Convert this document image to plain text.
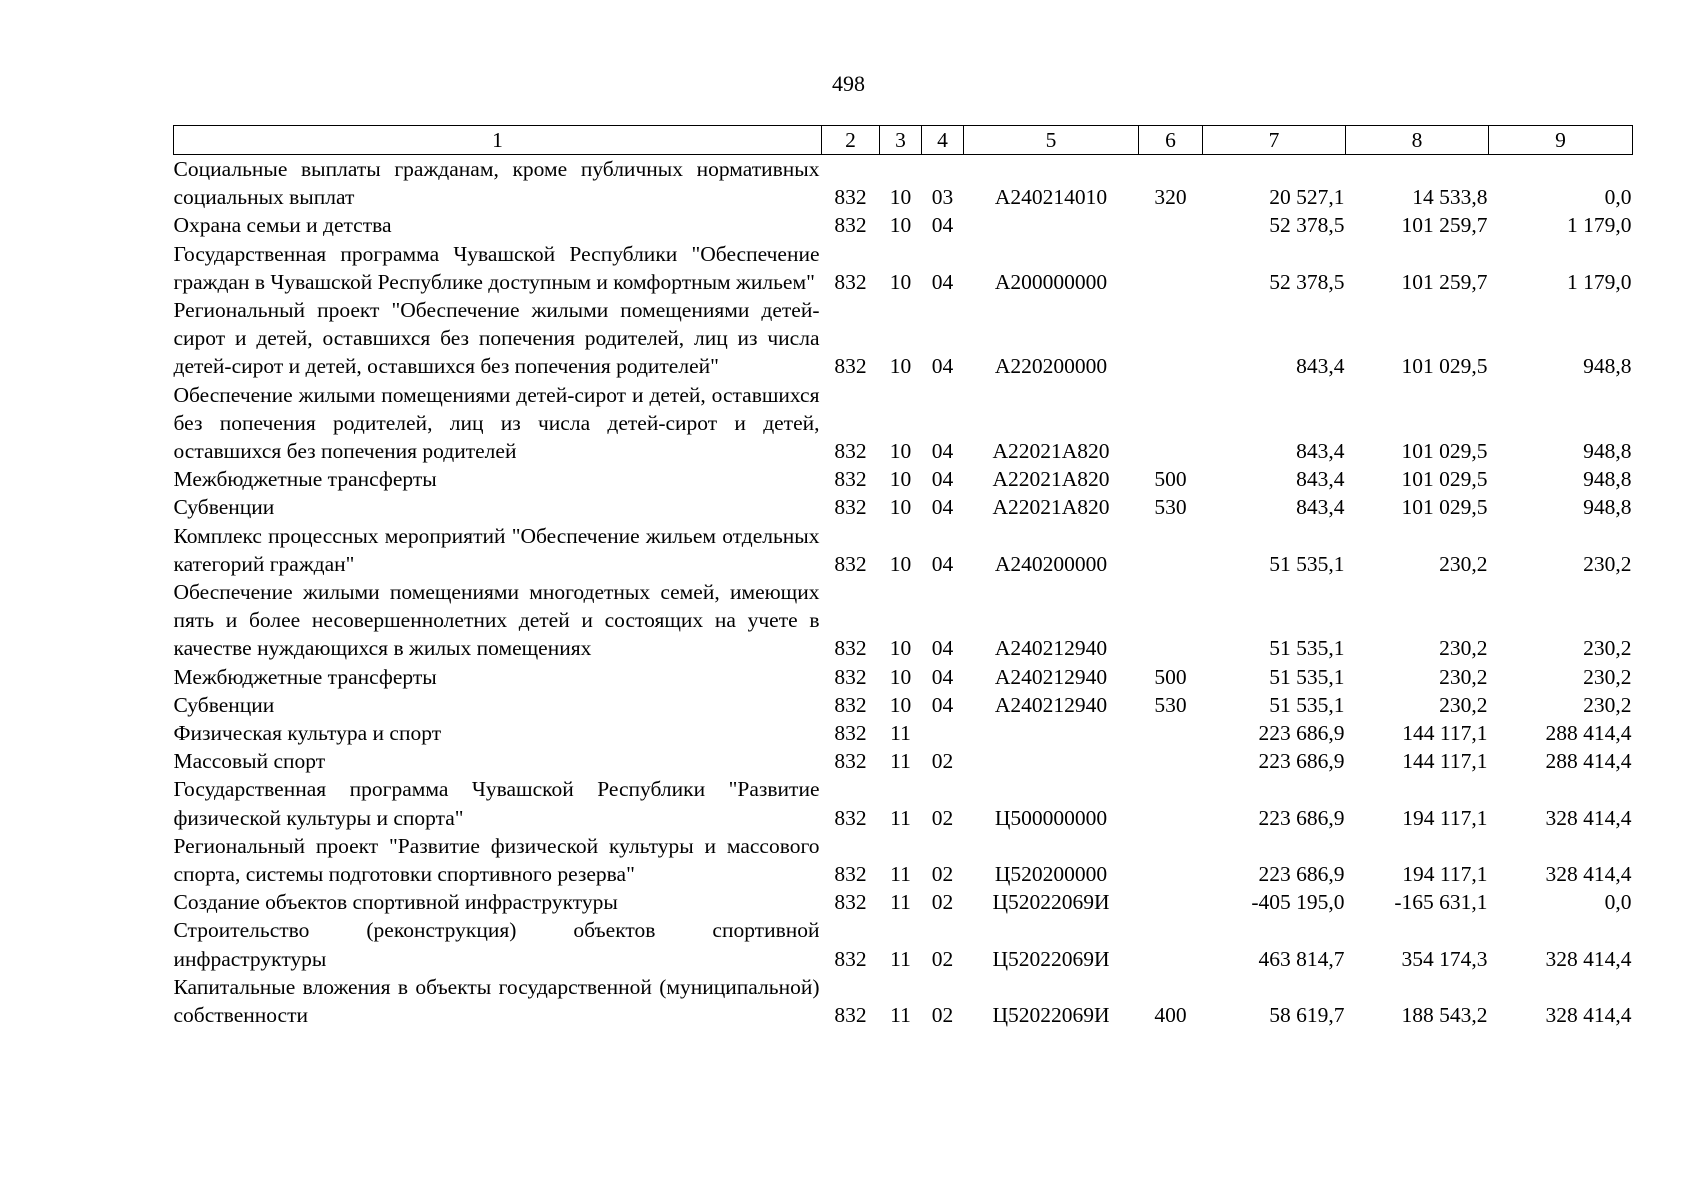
498
1	2	3	4	5	6	7	8	9
Социальные выплаты гражданам, кроме публичных нормативных социальных выплат	832	10	03	А240214010	320	20 527,1	14 533,8	0,0
Охрана семьи и детства	832	10	04			52 378,5	101 259,7	1 179,0
Государственная программа Чувашской Республики "Обеспечение граждан в Чувашской Республике доступным и комфортным жильем"	832	10	04	А200000000		52 378,5	101 259,7	1 179,0
Региональный проект "Обеспечение жилыми помещениями детей-сирот и детей, оставшихся без попечения родителей, лиц из числа детей-сирот и детей, оставшихся без попечения родителей"	832	10	04	А220200000		843,4	101 029,5	948,8
Обеспечение жилыми помещениями детей-сирот и детей, оставшихся без попечения родителей, лиц из числа детей-сирот и детей, оставшихся без попечения родителей	832	10	04	А22021А820		843,4	101 029,5	948,8
Межбюджетные трансферты	832	10	04	А22021А820	500	843,4	101 029,5	948,8
Субвенции	832	10	04	А22021А820	530	843,4	101 029,5	948,8
Комплекс процессных мероприятий "Обеспечение жильем отдельных категорий граждан"	832	10	04	А240200000		51 535,1	230,2	230,2
Обеспечение жилыми помещениями многодетных семей, имеющих пять и более несовершеннолетних детей и состоящих на учете в качестве нуждающихся в жилых помещениях	832	10	04	А240212940		51 535,1	230,2	230,2
Межбюджетные трансферты	832	10	04	А240212940	500	51 535,1	230,2	230,2
Субвенции	832	10	04	А240212940	530	51 535,1	230,2	230,2
Физическая культура и спорт	832	11				223 686,9	144 117,1	288 414,4
Массовый спорт	832	11	02			223 686,9	144 117,1	288 414,4
Государственная программа Чувашской Республики "Развитие физической культуры и спорта"	832	11	02	Ц500000000		223 686,9	194 117,1	328 414,4
Региональный проект "Развитие физической культуры и массового спорта, системы подготовки спортивного резерва"	832	11	02	Ц520200000		223 686,9	194 117,1	328 414,4
Создание объектов спортивной инфраструктуры	832	11	02	Ц52022069И		-405 195,0	-165 631,1	0,0
Строительство (реконструкция) объектов спортивной инфраструктуры	832	11	02	Ц52022069И		463 814,7	354 174,3	328 414,4
Капитальные вложения в объекты государственной (муниципальной) собственности	832	11	02	Ц52022069И	400	58 619,7	188 543,2	328 414,4
